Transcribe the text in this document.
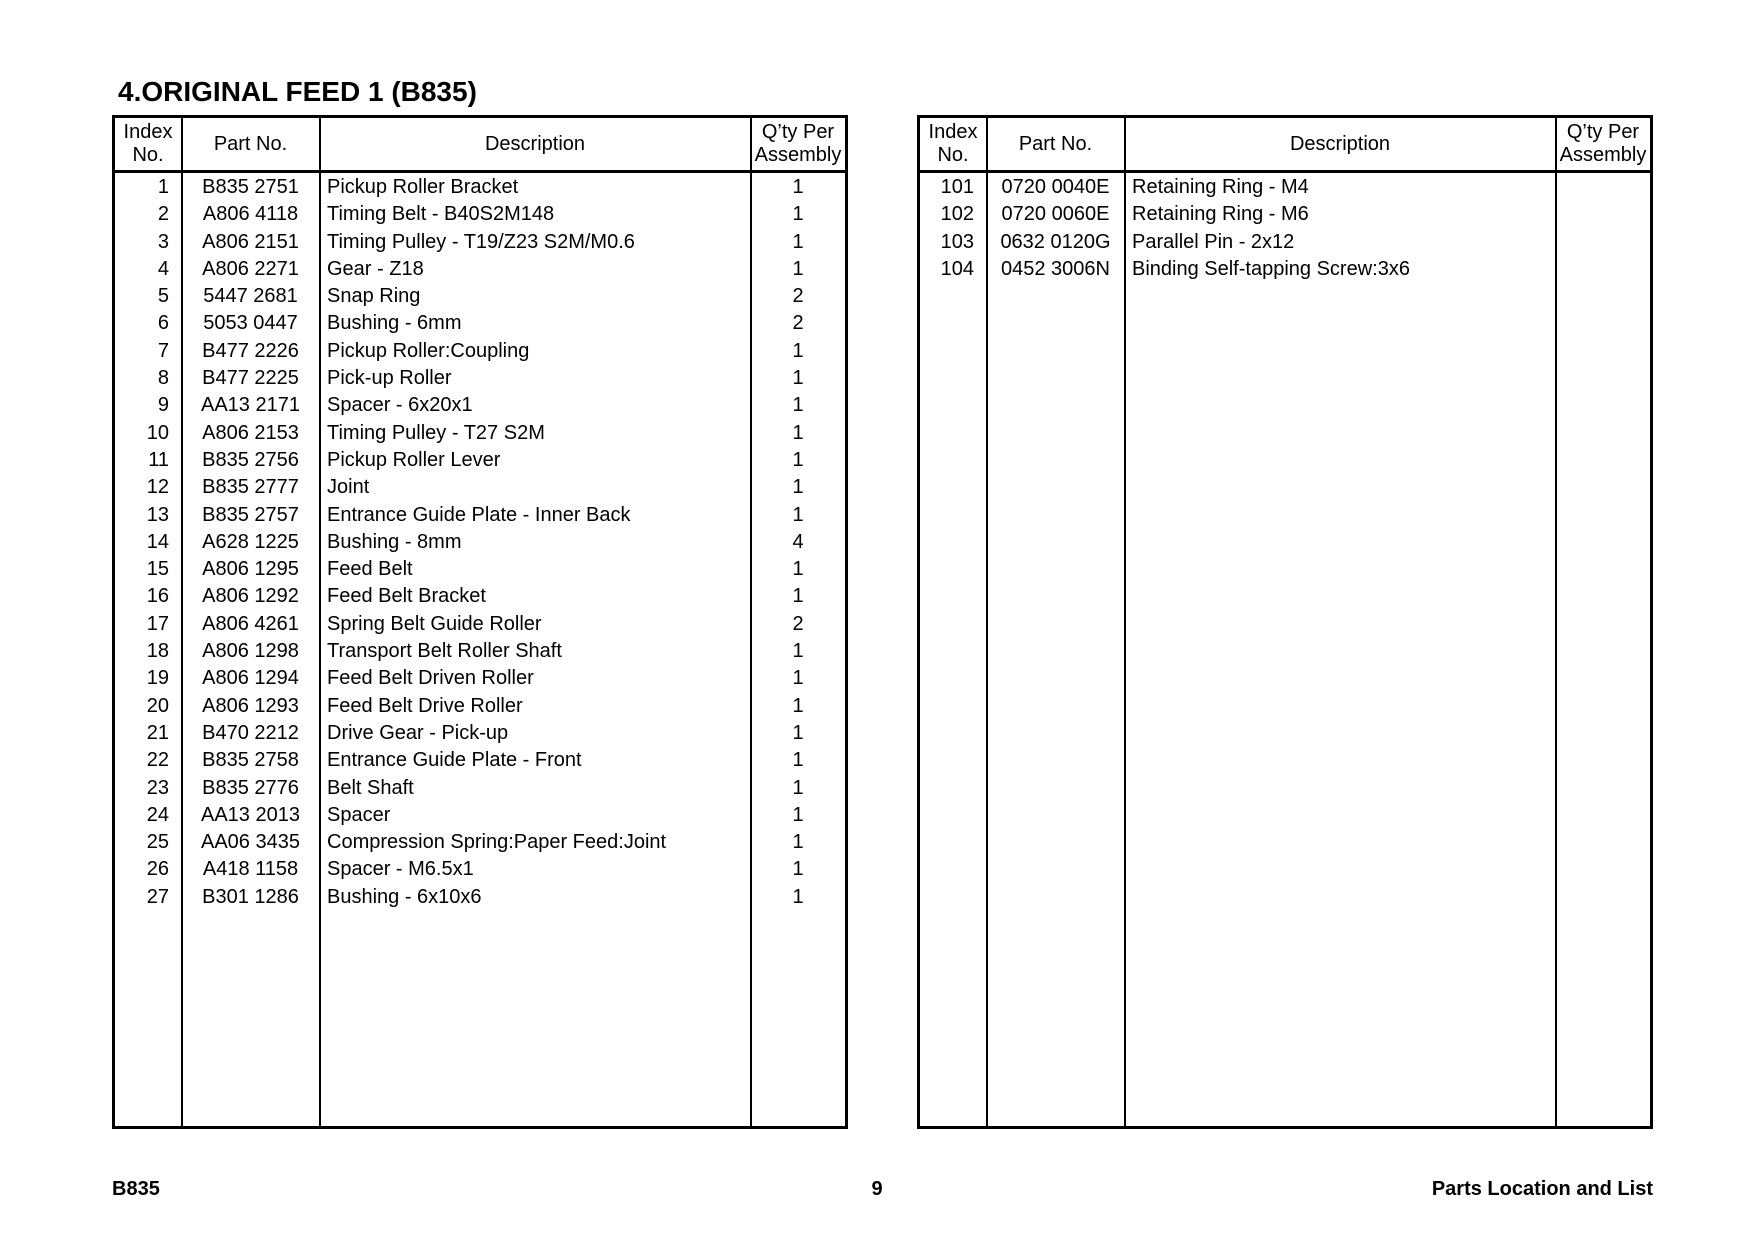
4.ORIGINAL FEED 1 (B835)
Index
No.
Part No.	Description
Q’ty Per
Assembly
1	B835 2751	Pickup Roller Bracket	1
2	A806 4118	Timing Belt - B40S2M148	1
3	A806 2151	Timing Pulley - T19/Z23 S2M/M0.6	1
4	A806 2271	Gear - Z18	1
5	5447 2681	Snap Ring	2
6	5053 0447	Bushing - 6mm	2
7	B477 2226	Pickup Roller:Coupling	1
8	B477 2225	Pick-up Roller	1
9	AA13 2171	Spacer - 6x20x1	1
10	A806 2153	Timing Pulley - T27 S2M	1
11	B835 2756	Pickup Roller Lever	1
12	B835 2777	Joint	1
13	B835 2757	Entrance Guide Plate - Inner Back	1
14	A628 1225	Bushing - 8mm	4
15	A806 1295	Feed Belt	1
16	A806 1292	Feed Belt Bracket	1
17	A806 4261	Spring Belt Guide Roller	2
18	A806 1298	Transport Belt Roller Shaft	1
19	A806 1294	Feed Belt Driven Roller	1
20	A806 1293	Feed Belt Drive Roller	1
21	B470 2212	Drive Gear - Pick-up	1
22	B835 2758	Entrance Guide Plate - Front	1
23	B835 2776	Belt Shaft	1
24	AA13 2013	Spacer	1
25	AA06 3435	Compression Spring:Paper Feed:Joint	1
26	A418 1158	Spacer - M6.5x1	1
27	B301 1286	Bushing - 6x10x6	1
Index
No.
Part No.	Description
Q’ty Per
Assembly
101	0720 0040E	Retaining Ring - M4
102	0720 0060E	Retaining Ring - M6
103	0632 0120G	Parallel Pin - 2x12
104	0452 3006N	Binding Self-tapping Screw:3x6
B835	9	Parts Location and List
